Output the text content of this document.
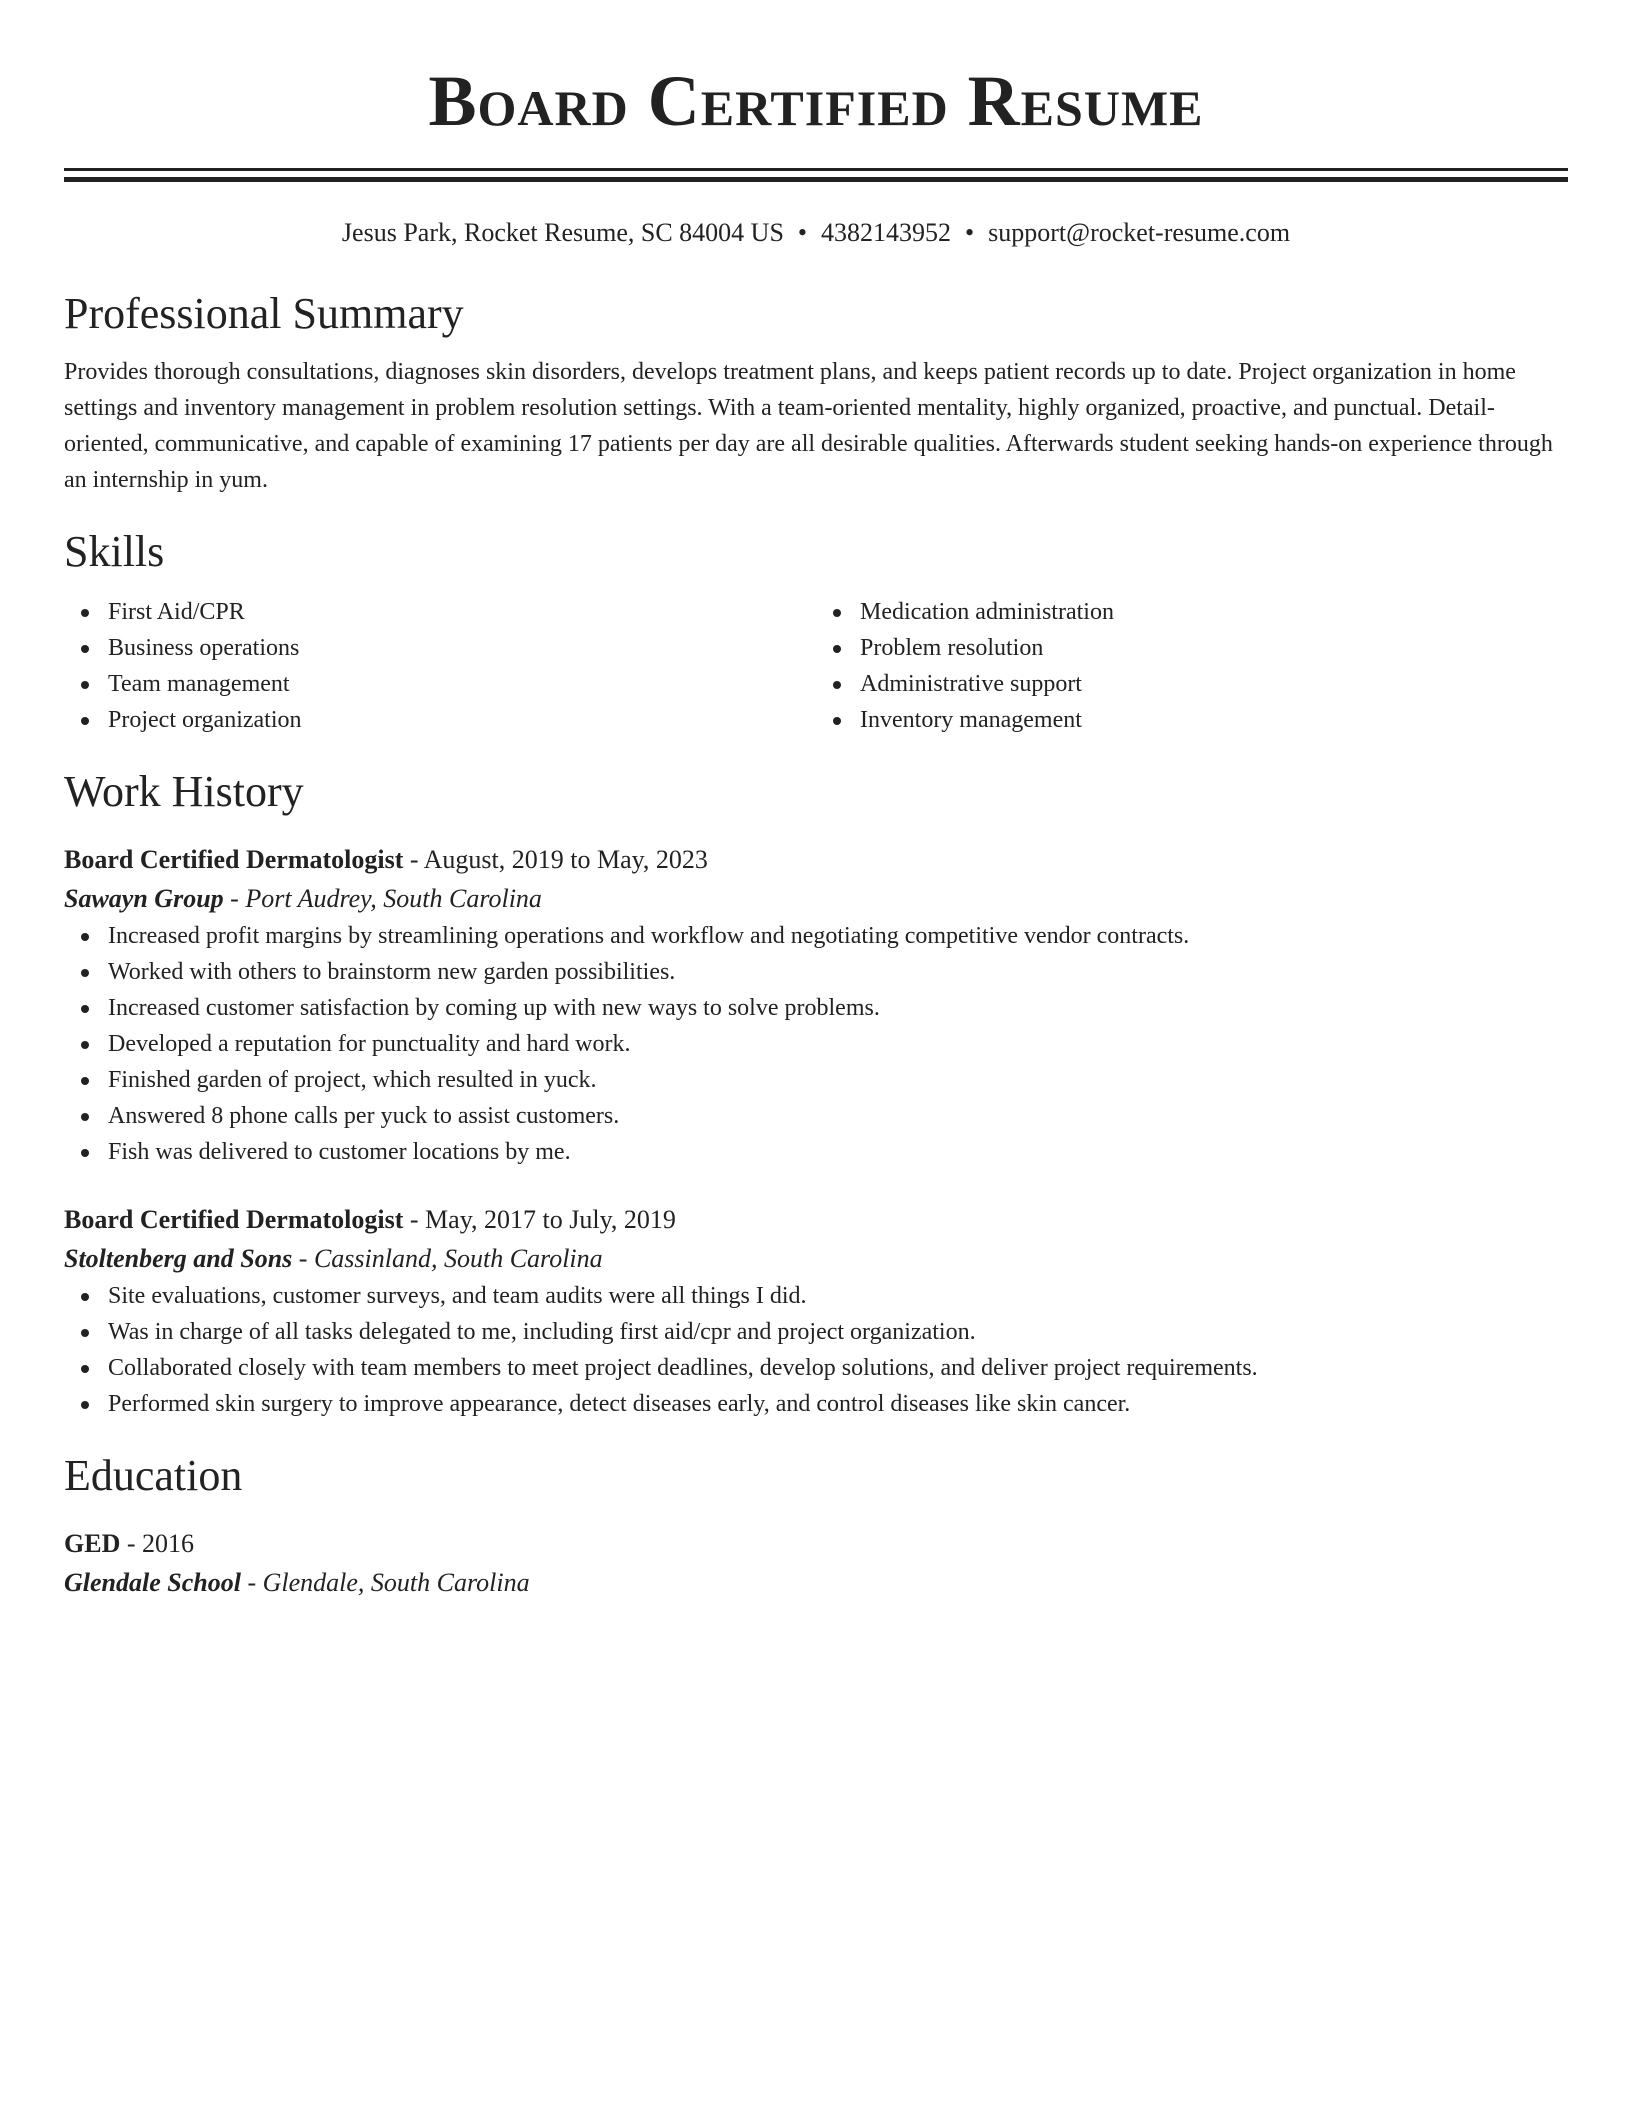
Board Certified Resume
Jesus Park, Rocket Resume, SC 84004 US • 4382143952 • support@rocket-resume.com
Professional Summary

Provides thorough consultations, diagnoses skin disorders, develops treatment plans, and keeps patient records up to date. Project organization in home settings and inventory management in problem resolution settings. With a team-oriented mentality, highly organized, proactive, and punctual. Detail-oriented, communicative, and capable of examining 17 patients per day are all desirable qualities. Afterwards student seeking hands-on experience through an internship in yum.

Skills
First Aid/CPR
Business operations
Team management
Project organization
Medication administration
Problem resolution
Administrative support
Inventory management
Work History
Board Certified Dermatologist - August, 2019 to May, 2023
Sawayn Group - Port Audrey, South Carolina
Increased profit margins by streamlining operations and workflow and negotiating competitive vendor contracts.
Worked with others to brainstorm new garden possibilities.
Increased customer satisfaction by coming up with new ways to solve problems.
Developed a reputation for punctuality and hard work.
Finished garden of project, which resulted in yuck.
Answered 8 phone calls per yuck to assist customers.
Fish was delivered to customer locations by me.
Board Certified Dermatologist - May, 2017 to July, 2019
Stoltenberg and Sons - Cassinland, South Carolina
Site evaluations, customer surveys, and team audits were all things I did.
Was in charge of all tasks delegated to me, including first aid/cpr and project organization.
Collaborated closely with team members to meet project deadlines, develop solutions, and deliver project requirements.
Performed skin surgery to improve appearance, detect diseases early, and control diseases like skin cancer.
Education
GED - 2016
Glendale School - Glendale, South Carolina
